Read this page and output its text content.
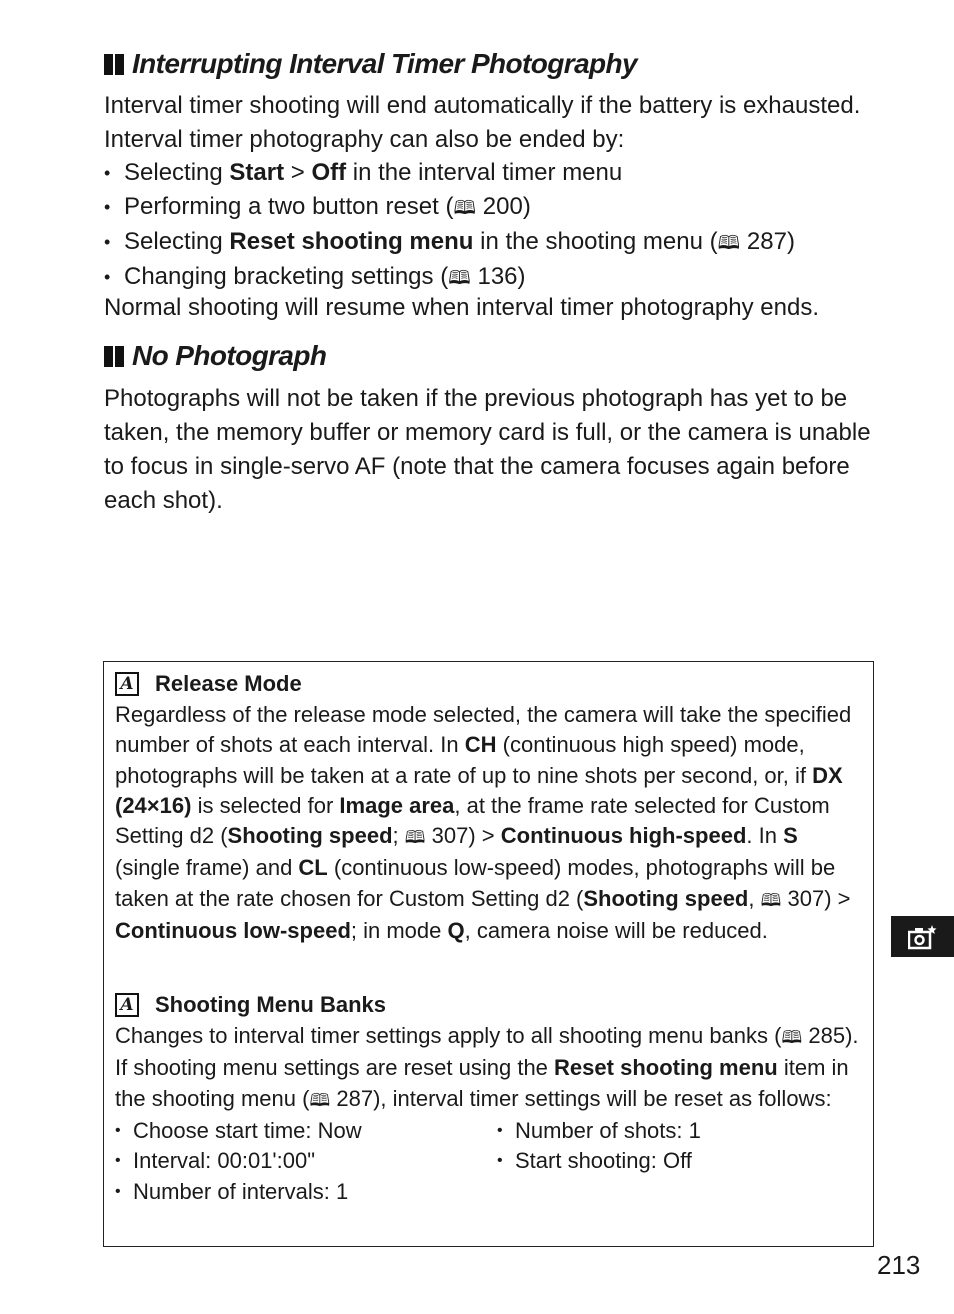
Interrupting Interval Timer Photography

Interval timer shooting will end automatically if the battery is exhausted. Interval timer photography can also be ended by:

• Selecting Start > Off in the interval timer menu
• Performing a two button reset (🕮 200)
• Selecting Reset shooting menu in the shooting menu (🕮 287)
• Changing bracketing settings (🕮 136)

Normal shooting will resume when interval timer photography ends.

No Photograph

Photographs will not be taken if the previous photograph has yet to be taken, the memory buffer or memory card is full, or the camera is unable to focus in single-servo AF (note that the camera focuses again before each shot).

A Release Mode

Regardless of the release mode selected, the camera will take the specified number of shots at each interval. In CH (continuous high speed) mode, photographs will be taken at a rate of up to nine shots per second, or, if DX (24×16) is selected for Image area, at the frame rate selected for Custom Setting d2 (Shooting speed; 🕮 307) > Continuous high-speed. In S (single frame) and CL (continuous low-speed) modes, photographs will be taken at the rate chosen for Custom Setting d2 (Shooting speed, 🕮 307) > Continuous low-speed; in mode Q, camera noise will be reduced.

A Shooting Menu Banks

Changes to interval timer settings apply to all shooting menu banks (🕮 285). If shooting menu settings are reset using the Reset shooting menu item in the shooting menu (🕮 287), interval timer settings will be reset as follows:

• Choose start time: Now
• Interval: 00:01':00"
• Number of intervals: 1
• Number of shots: 1
• Start shooting: Off
213
